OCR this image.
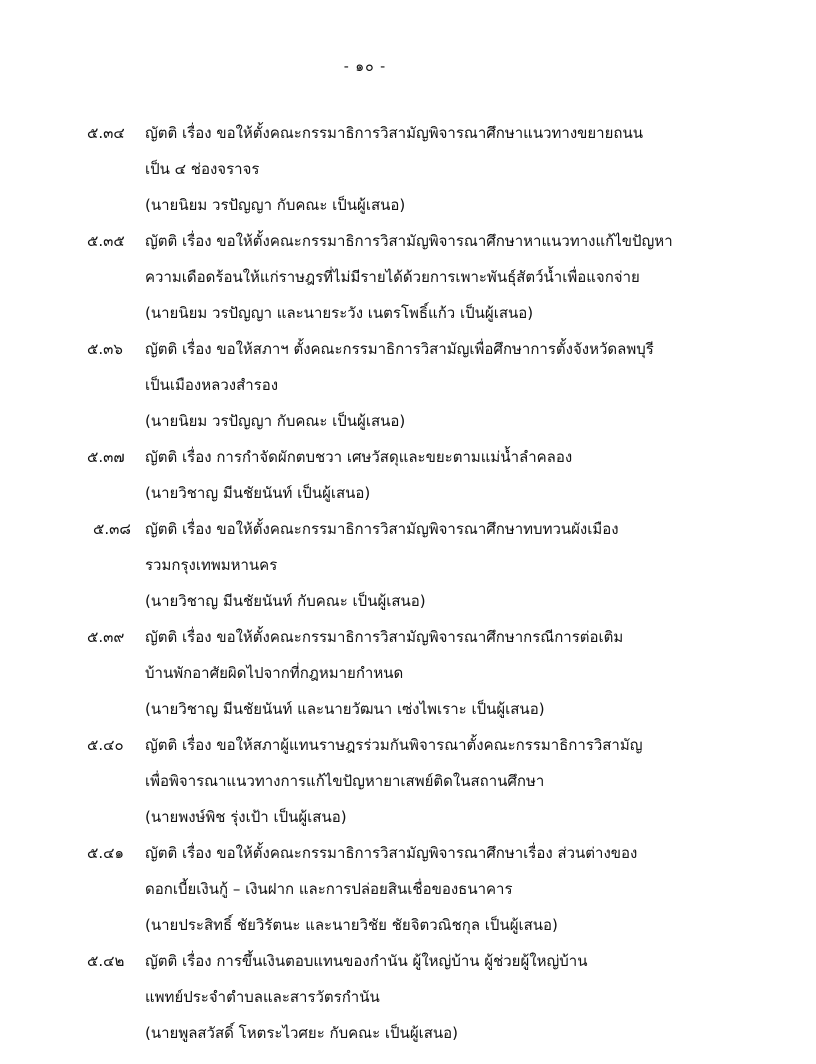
- ๑๐ -
๕.๓๔ ญัตติ เรื่อง ขอให้ตั้งคณะกรรมาธิการวิสามัญพิจารณาศึกษาแนวทางขยายถนน
เป็น ๔ ช่องจราจร
(นายนิยม วรปัญญา กับคณะ เป็นผู้เสนอ)
๕.๓๕ ญัตติ เรื่อง ขอให้ตั้งคณะกรรมาธิการวิสามัญพิจารณาศึกษาหาแนวทางแก้ไขปัญหา
ความเดือดร้อนให้แก่ราษฎรที่ไม่มีรายได้ด้วยการเพาะพันธุ์สัตว์น้ำเพื่อแจกจ่าย
(นายนิยม วรปัญญา และนายระวัง เนตรโพธิ์แก้ว เป็นผู้เสนอ)
๕.๓๖ ญัตติ เรื่อง ขอให้สภาฯ ตั้งคณะกรรมาธิการวิสามัญเพื่อศึกษาการตั้งจังหวัดลพบุรี
เป็นเมืองหลวงสำรอง
(นายนิยม วรปัญญา กับคณะ เป็นผู้เสนอ)
๕.๓๗ ญัตติ เรื่อง การกำจัดผักตบชวา เศษวัสดุและขยะตามแม่น้ำลำคลอง
(นายวิชาญ มีนชัยนันท์ เป็นผู้เสนอ)
๕.๓๘ ญัตติ เรื่อง ขอให้ตั้งคณะกรรมาธิการวิสามัญพิจารณาศึกษาทบทวนผังเมือง
รวมกรุงเทพมหานคร
(นายวิชาญ มีนชัยนันท์ กับคณะ เป็นผู้เสนอ)
๕.๓๙ ญัตติ เรื่อง ขอให้ตั้งคณะกรรมาธิการวิสามัญพิจารณาศึกษากรณีการต่อเติม
บ้านพักอาศัยผิดไปจากที่กฎหมายกำหนด
(นายวิชาญ มีนชัยนันท์ และนายวัฒนา เซ่งไพเราะ เป็นผู้เสนอ)
๕.๔๐ ญัตติ เรื่อง ขอให้สภาผู้แทนราษฎรร่วมกันพิจารณาตั้งคณะกรรมาธิการวิสามัญ
เพื่อพิจารณาแนวทางการแก้ไขปัญหายาเสพย์ติดในสถานศึกษา
(นายพงษ์พิช รุ่งเป้า เป็นผู้เสนอ)
๕.๔๑ ญัตติ เรื่อง ขอให้ตั้งคณะกรรมาธิการวิสามัญพิจารณาศึกษาเรื่อง ส่วนต่างของ
ดอกเบี้ยเงินกู้ – เงินฝาก และการปล่อยสินเชื่อของธนาคาร
(นายประสิทธิ์ ชัยวิรัตนะ และนายวิชัย ชัยจิตวณิชกุล เป็นผู้เสนอ)
๕.๔๒ ญัตติ เรื่อง การขึ้นเงินตอบแทนของกำนัน ผู้ใหญ่บ้าน ผู้ช่วยผู้ใหญ่บ้าน
แพทย์ประจำตำบลและสารวัตรกำนัน
(นายพูลสวัสดิ์ โหตระไวศยะ กับคณะ เป็นผู้เสนอ)
